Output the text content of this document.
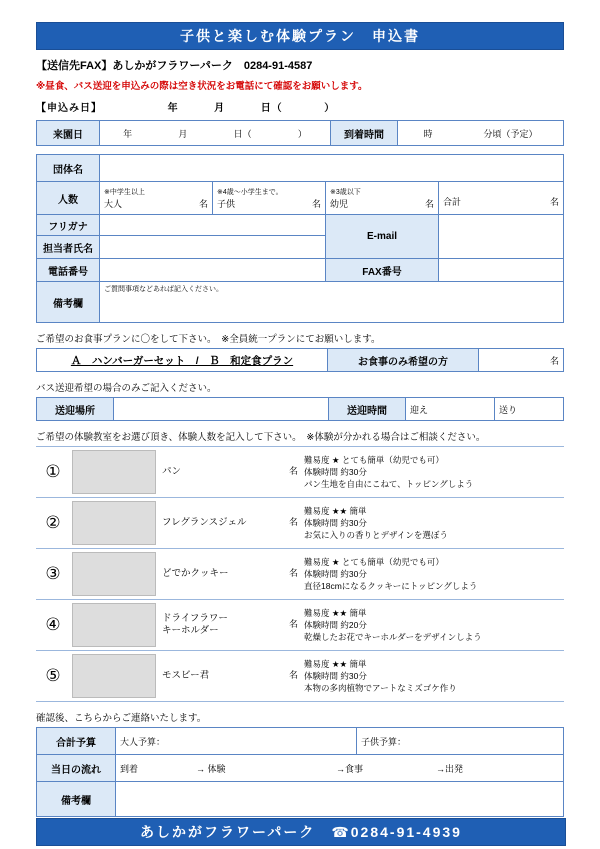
子供と楽しむ体験プラン　申込書
【送信先FAX】あしかがフラワーパーク　0284-91-4587
※昼食、バス送迎を申込みの際は空き状況をお電話にて確認をお願いします。
【申込み日】	年	月	日（	）
来園日	年	月	日（	）	到着時間	時	分頃（予定）
団体名				
人数	
※中学生以上
大人	名

※4歳～小学生まで。
子供	名

※3歳以下
幼児	名	合計	名

フリガナ			E-mail	
担当者氏名				
電話番号			FAX番号	
備考欄	ご質問事項などあれば記入ください。			
ご希望のお食事プランに〇をして下さい。　※全員統一プランにてお願いします。
Ａ　ハンバーガーセット　/　Ｂ　和定食プラン	お食事のみ希望の方	名
バス送迎希望の場合のみご記入ください。
送迎場所		送迎時間	迎え	送り
ご希望の体験教室をお選び頂き、体験人数を記入して下さい。　※体験が分かれる場合はご相談ください。
①		パン	名	難易度 ★ とても簡単（幼児でも可）
体験時間 約30分
パン生地を自由にこねて、トッピングしよう

②		フレグランスジェル	名	難易度 ★★ 簡単
体験時間 約30分
お気に入りの香りとデザインを選ぼう

③		どでかクッキー	名	難易度 ★ とても簡単（幼児でも可）
体験時間 約30分
直径18cmになるクッキーにトッピングしよう

④		ドライフラワー
キーホルダー
	名	
難易度 ★★ 簡単
体験時間 約20分
乾燥したお花でキーホルダーをデザインしよう

⑤		モスビー君	名	難易度 ★★ 簡単
体験時間 約30分
本物の多肉植物でアートなミズゴケ作り
確認後、こちらからご連絡いたします。
合計予算	大人予算：	子供予算：
当日の流れ	到着 → 体験 →食事 →出発	

備考欄		
あしかがフラワーパーク　☎0284-91-4939
